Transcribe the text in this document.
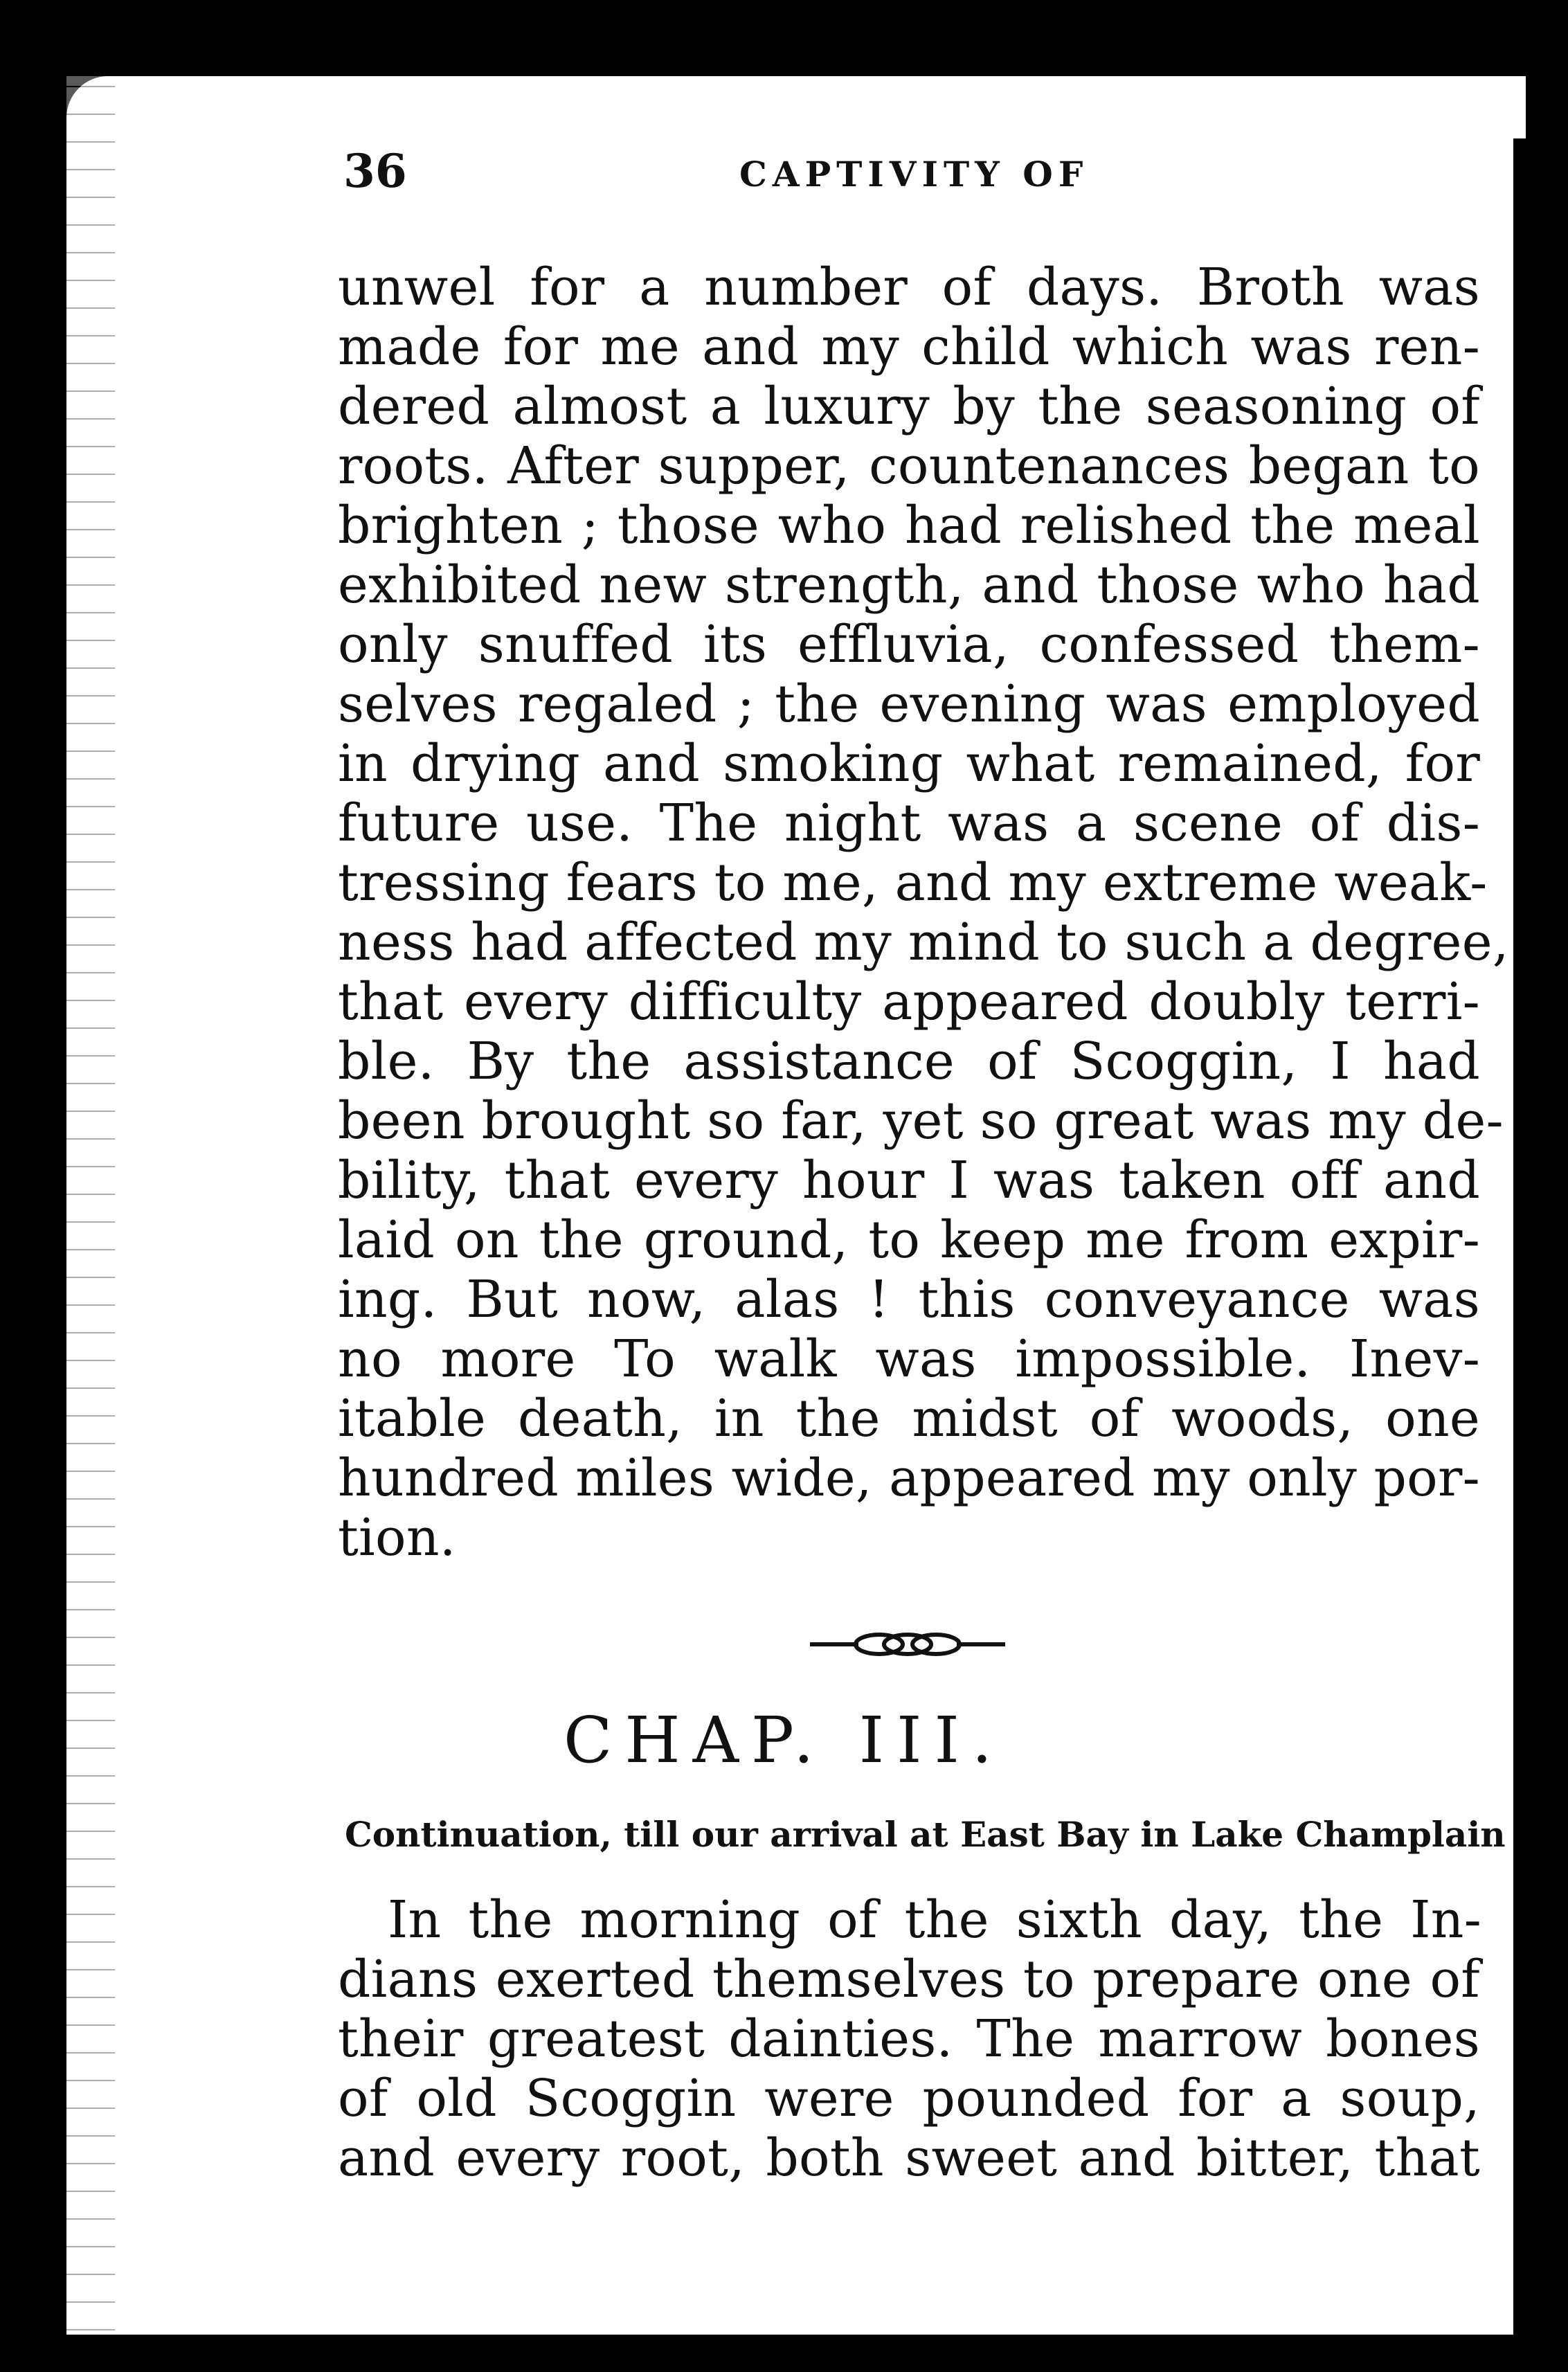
36	CAPTIVITY OF
unwel for a number of days. Broth was
made for me and my child which was ren-
dered almost a luxury by the seasoning of
roots. After supper, countenances began to
brighten ; those who had relished the meal
exhibited new strength, and those who had
only snuffed its effluvia, confessed them-
selves regaled ; the evening was employed
in drying and smoking what remained, for
future use. The night was a scene of dis-
tressing fears to me, and my extreme weak-
ness had affected my mind to such a degree,
that every difficulty appeared doubly terri-
ble. By the assistance of Scoggin, I had
been brought so far, yet so great was my de-
bility, that every hour I was taken off and
laid on the ground, to keep me from expir-
ing. But now, alas ! this conveyance was
no more To walk was impossible. Inev-
itable death, in the midst of woods, one
hundred miles wide, appeared my only por-
tion.
CHAP. III.
Continuation, till our arrival at East Bay in Lake Champlain
In the morning of the sixth day, the In-
dians exerted themselves to prepare one of
their greatest dainties. The marrow bones
of old Scoggin were pounded for a soup,
and every root, both sweet and bitter, that
